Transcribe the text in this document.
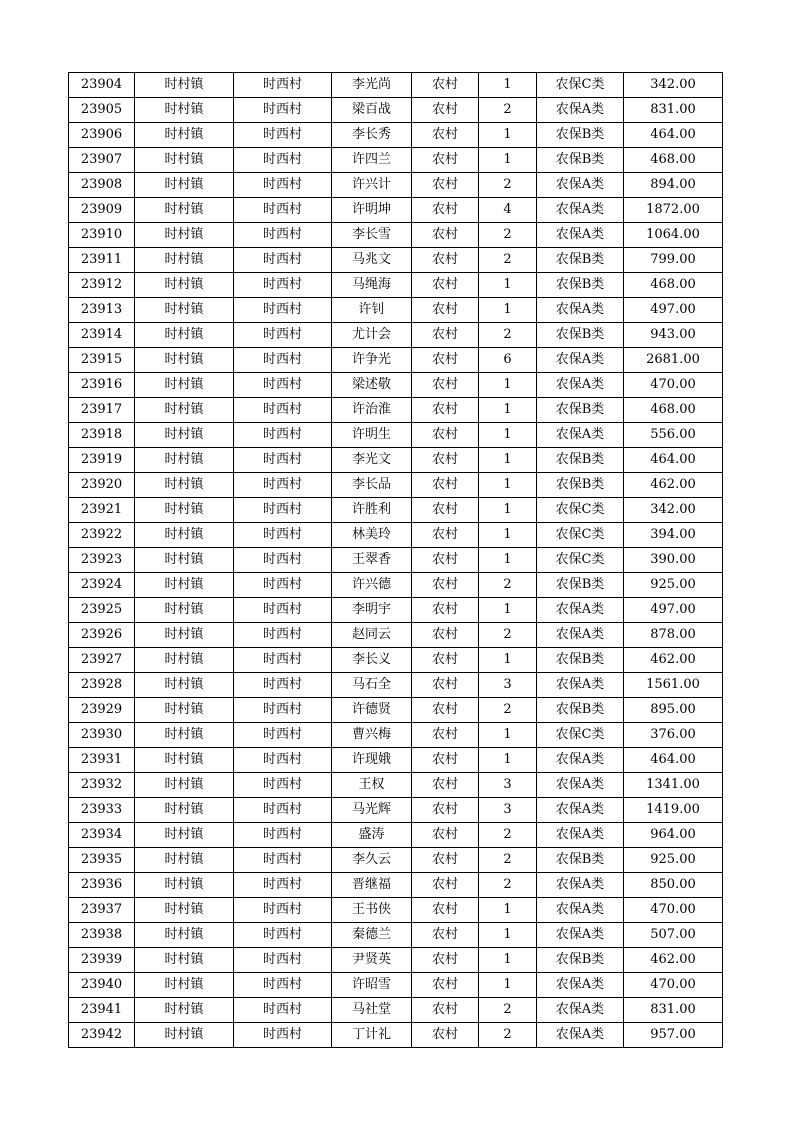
23904	时村镇	时西村	李光尚	农村	1	农保C类	342.00
23905	时村镇	时西村	梁百战	农村	2	农保A类	831.00
23906	时村镇	时西村	李长秀	农村	1	农保B类	464.00
23907	时村镇	时西村	许四兰	农村	1	农保B类	468.00
23908	时村镇	时西村	许兴计	农村	2	农保A类	894.00
23909	时村镇	时西村	许明坤	农村	4	农保A类	1872.00
23910	时村镇	时西村	李长雪	农村	2	农保A类	1064.00
23911	时村镇	时西村	马兆文	农村	2	农保B类	799.00
23912	时村镇	时西村	马绳海	农村	1	农保B类	468.00
23913	时村镇	时西村	许钊	农村	1	农保A类	497.00
23914	时村镇	时西村	尤计会	农村	2	农保B类	943.00
23915	时村镇	时西村	许争光	农村	6	农保A类	2681.00
23916	时村镇	时西村	梁述敬	农村	1	农保A类	470.00
23917	时村镇	时西村	许治淮	农村	1	农保B类	468.00
23918	时村镇	时西村	许明生	农村	1	农保A类	556.00
23919	时村镇	时西村	李光文	农村	1	农保B类	464.00
23920	时村镇	时西村	李长品	农村	1	农保B类	462.00
23921	时村镇	时西村	许胜利	农村	1	农保C类	342.00
23922	时村镇	时西村	林美玲	农村	1	农保C类	394.00
23923	时村镇	时西村	王翠香	农村	1	农保C类	390.00
23924	时村镇	时西村	许兴德	农村	2	农保B类	925.00
23925	时村镇	时西村	李明宇	农村	1	农保A类	497.00
23926	时村镇	时西村	赵同云	农村	2	农保A类	878.00
23927	时村镇	时西村	李长义	农村	1	农保B类	462.00
23928	时村镇	时西村	马石全	农村	3	农保A类	1561.00
23929	时村镇	时西村	许德贤	农村	2	农保B类	895.00
23930	时村镇	时西村	曹兴梅	农村	1	农保C类	376.00
23931	时村镇	时西村	许现娥	农村	1	农保A类	464.00
23932	时村镇	时西村	王权	农村	3	农保A类	1341.00
23933	时村镇	时西村	马光辉	农村	3	农保A类	1419.00
23934	时村镇	时西村	盛涛	农村	2	农保A类	964.00
23935	时村镇	时西村	李久云	农村	2	农保B类	925.00
23936	时村镇	时西村	晋继福	农村	2	农保A类	850.00
23937	时村镇	时西村	王书侠	农村	1	农保A类	470.00
23938	时村镇	时西村	秦德兰	农村	1	农保A类	507.00
23939	时村镇	时西村	尹贤英	农村	1	农保B类	462.00
23940	时村镇	时西村	许昭雪	农村	1	农保A类	470.00
23941	时村镇	时西村	马社堂	农村	2	农保A类	831.00
23942	时村镇	时西村	丁计礼	农村	2	农保A类	957.00
